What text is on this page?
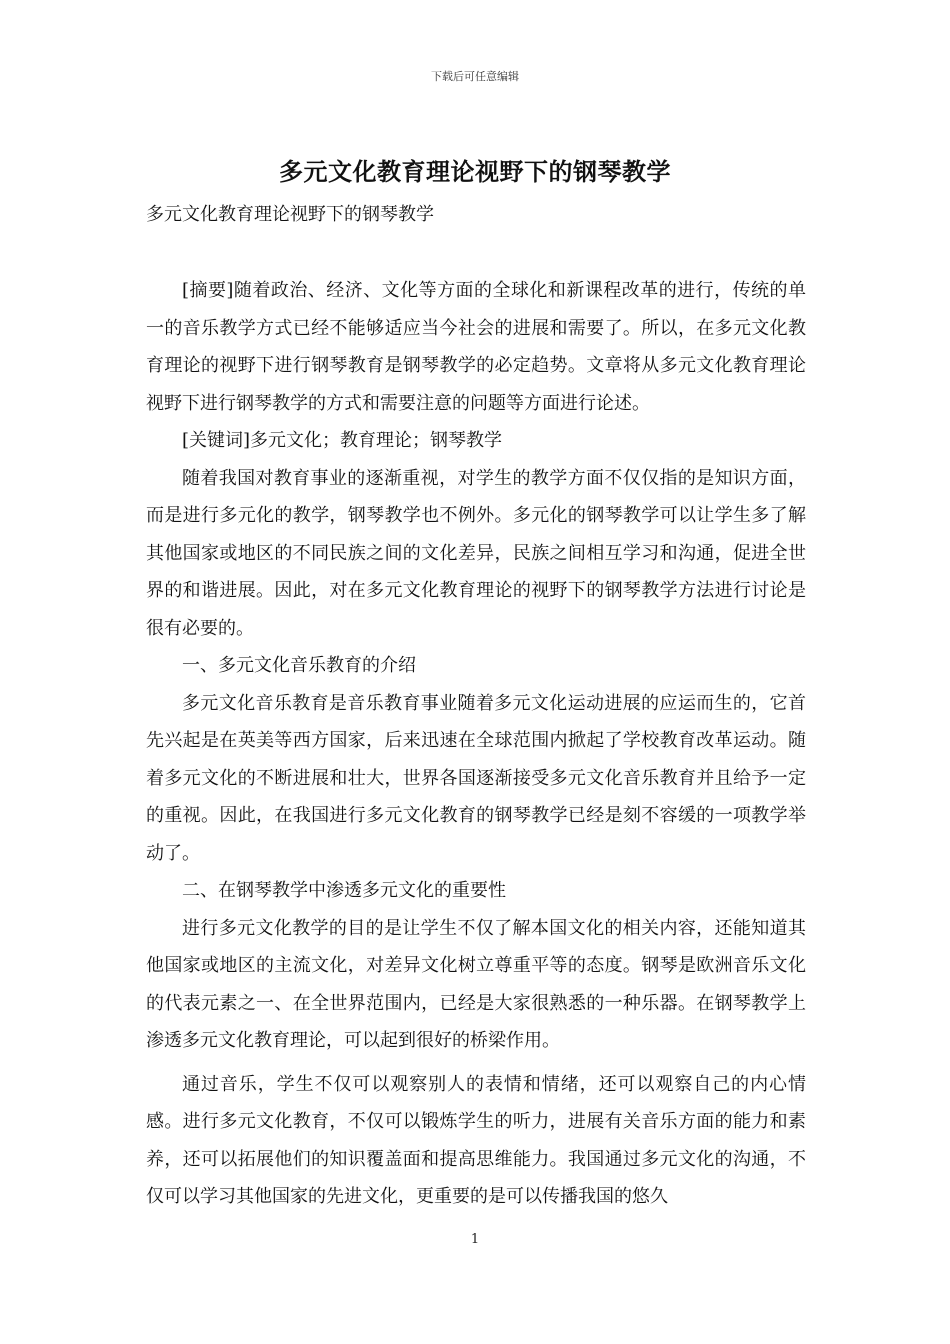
下载后可任意编辑
多元文化教育理论视野下的钢琴教学
多元文化教育理论视野下的钢琴教学

[摘要]随着政治、经济、文化等方面的全球化和新课程改革的进行，传统的单一的音乐教学方式已经不能够适应当今社会的进展和需要了。所以，在多元文化教育理论的视野下进行钢琴教育是钢琴教学的必定趋势。文章将从多元文化教育理论视野下进行钢琴教学的方式和需要注意的问题等方面进行论述。

[关键词]多元文化；教育理论；钢琴教学

随着我国对教育事业的逐渐重视，对学生的教学方面不仅仅指的是知识方面，而是进行多元化的教学，钢琴教学也不例外。多元化的钢琴教学可以让学生多了解其他国家或地区的不同民族之间的文化差异，民族之间相互学习和沟通，促进全世界的和谐进展。因此，对在多元文化教育理论的视野下的钢琴教学方法进行讨论是很有必要的。

一、多元文化音乐教育的介绍

多元文化音乐教育是音乐教育事业随着多元文化运动进展的应运而生的，它首先兴起是在英美等西方国家，后来迅速在全球范围内掀起了学校教育改革运动。随着多元文化的不断进展和壮大，世界各国逐渐接受多元文化音乐教育并且给予一定的重视。因此，在我国进行多元文化教育的钢琴教学已经是刻不容缓的一项教学举动了。

二、在钢琴教学中渗透多元文化的重要性

进行多元文化教学的目的是让学生不仅了解本国文化的相关内容，还能知道其他国家或地区的主流文化，对差异文化树立尊重平等的态度。钢琴是欧洲音乐文化的代表元素之一、在全世界范围内，已经是大家很熟悉的一种乐器。在钢琴教学上渗透多元文化教育理论，可以起到很好的桥梁作用。

通过音乐，学生不仅可以观察别人的表情和情绪，还可以观察自己的内心情感。进行多元文化教育，不仅可以锻炼学生的听力，进展有关音乐方面的能力和素养，还可以拓展他们的知识覆盖面和提高思维能力。我国通过多元文化的沟通，不仅可以学习其他国家的先进文化，更重要的是可以传播我国的悠久

1
